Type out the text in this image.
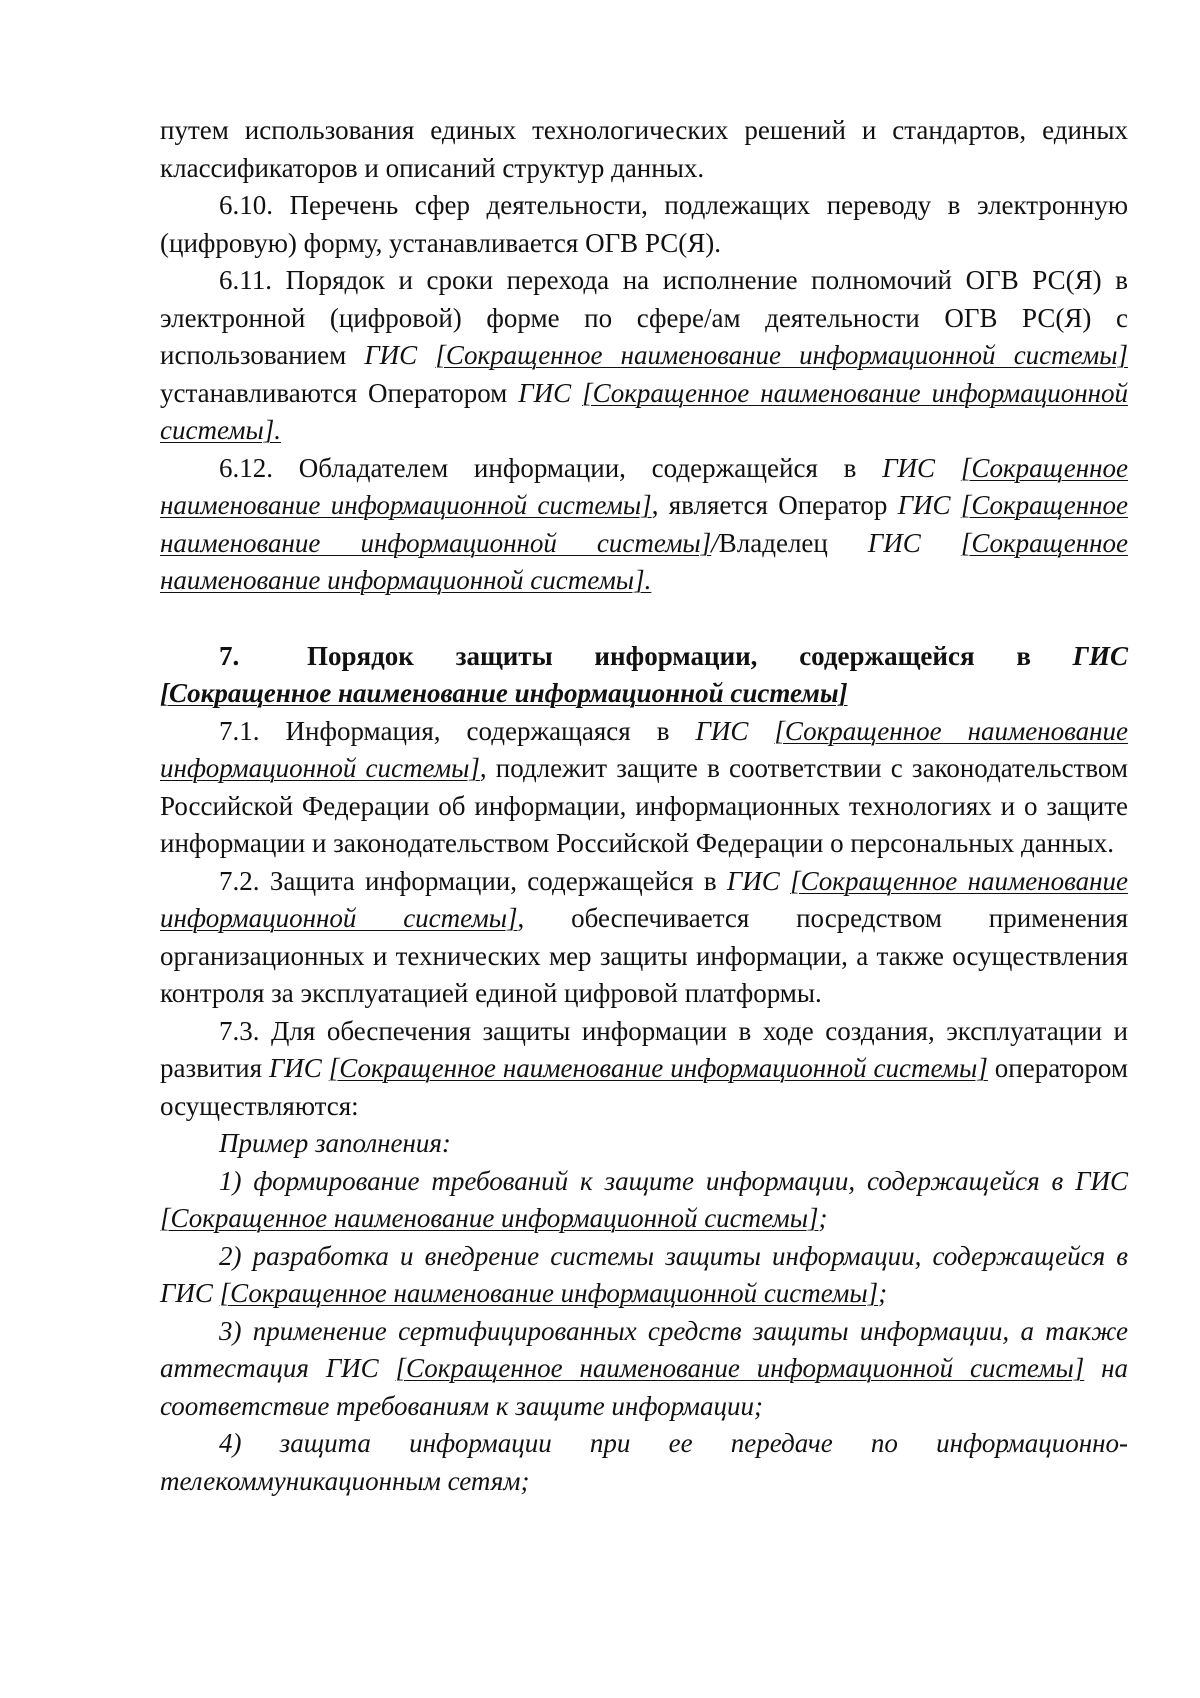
путем использования единых технологических решений и стандартов, единых классификаторов и описаний структур данных.

6.10. Перечень сфер деятельности, подлежащих переводу в электронную (цифровую) форму, устанавливается ОГВ РС(Я).

6.11. Порядок и сроки перехода на исполнение полномочий ОГВ РС(Я) в электронной (цифровой) форме по сфере/ам деятельности ОГВ РС(Я) с использованием ГИС [Сокращенное наименование информационной системы] устанавливаются Оператором ГИС [Сокращенное наименование информационной системы].

6.12. Обладателем информации, содержащейся в ГИС [Сокращенное наименование информационной системы], является Оператор ГИС [Сокращенное наименование информационной системы]/Владелец ГИС [Сокращенное наименование информационной системы].

7.	Порядок защиты информации, содержащейся в ГИС [Сокращенное наименование информационной системы]

7.1. Информация, содержащаяся в ГИС [Сокращенное наименование информационной системы], подлежит защите в соответствии с законодательством Российской Федерации об информации, информационных технологиях и о защите информации и законодательством Российской Федерации о персональных данных.

7.2. Защита информации, содержащейся в ГИС [Сокращенное наименование информационной системы], обеспечивается посредством применения организационных и технических мер защиты информации, а также осуществления контроля за эксплуатацией единой цифровой платформы.

7.3. Для обеспечения защиты информации в ходе создания, эксплуатации и развития ГИС [Сокращенное наименование информационной системы] оператором осуществляются:

Пример заполнения:

1) формирование требований к защите информации, содержащейся в ГИС [Сокращенное наименование информационной системы];

2) разработка и внедрение системы защиты информации, содержащейся в ГИС [Сокращенное наименование информационной системы];

3) применение сертифицированных средств защиты информации, а также аттестация ГИС [Сокращенное наименование информационной системы] на соответствие требованиям к защите информации;

4) защита информации при ее передаче по информационно-телекоммуникационным сетям;
